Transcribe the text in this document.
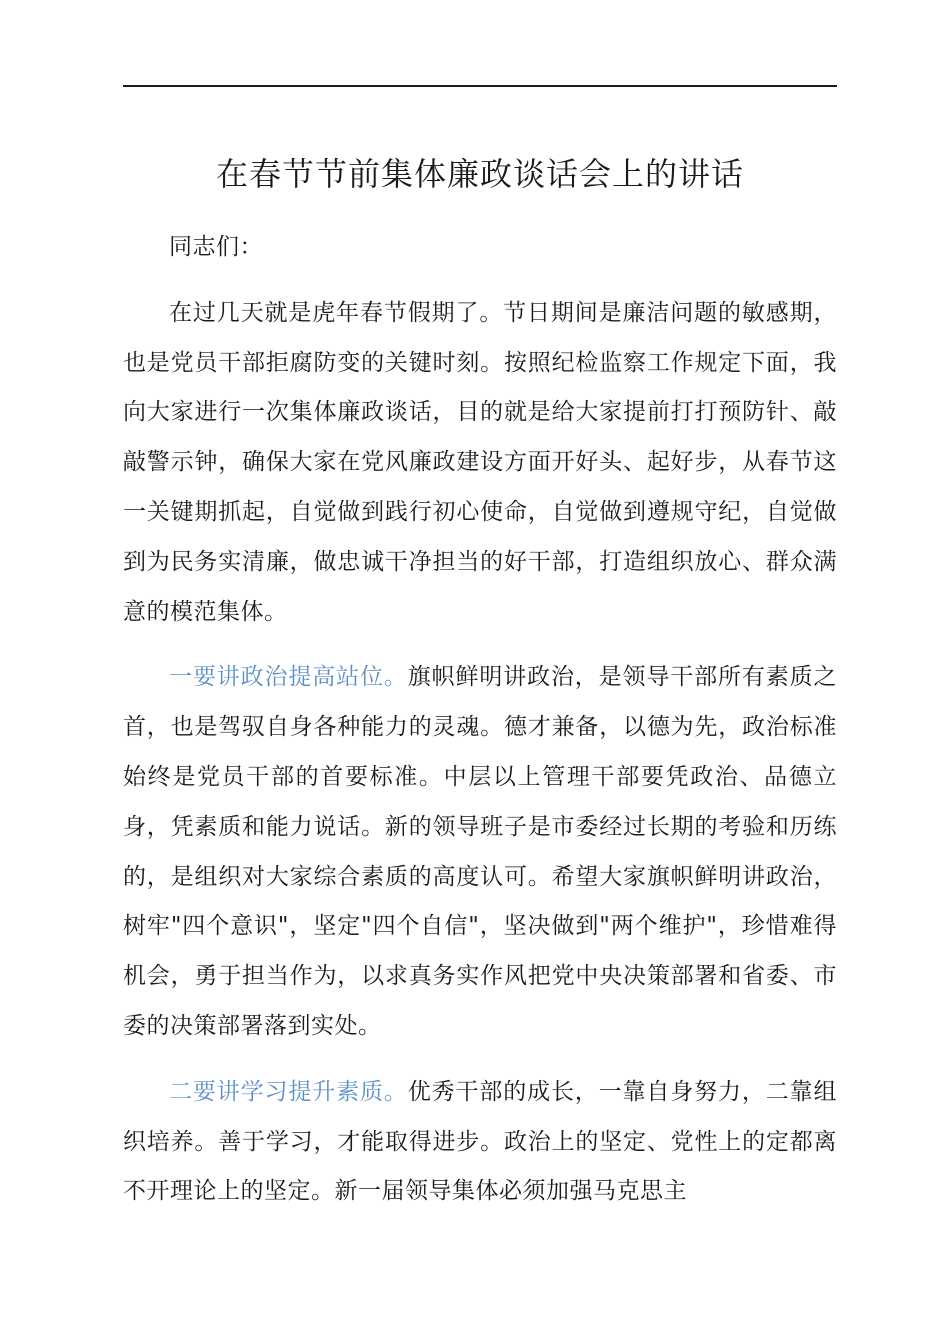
在春节节前集体廉政谈话会上的讲话

同志们：

在过几天就是虎年春节假期了。节日期间是廉洁问题的敏感期，也是党员干部拒腐防变的关键时刻。按照纪检监察工作规定下面，我向大家进行一次集体廉政谈话，目的就是给大家提前打打预防针、敲敲警示钟，确保大家在党风廉政建设方面开好头、起好步，从春节这一关键期抓起，自觉做到践行初心使命，自觉做到遵规守纪，自觉做到为民务实清廉，做忠诚干净担当的好干部，打造组织放心、群众满意的模范集体。

一要讲政治提高站位。旗帜鲜明讲政治，是领导干部所有素质之首，也是驾驭自身各种能力的灵魂。德才兼备，以德为先，政治标准始终是党员干部的首要标准。中层以上管理干部要凭政治、品德立身，凭素质和能力说话。新的领导班子是市委经过长期的考验和历练的，是组织对大家综合素质的高度认可。希望大家旗帜鲜明讲政治，树牢"四个意识"，坚定"四个自信"，坚决做到"两个维护"，珍惜难得机会，勇于担当作为，以求真务实作风把党中央决策部署和省委、市委的决策部署落到实处。

二要讲学习提升素质。优秀干部的成长，一靠自身努力，二靠组织培养。善于学习，才能取得进步。政治上的坚定、党性上的定都离不开理论上的坚定。新一届领导集体必须加强马克思主
